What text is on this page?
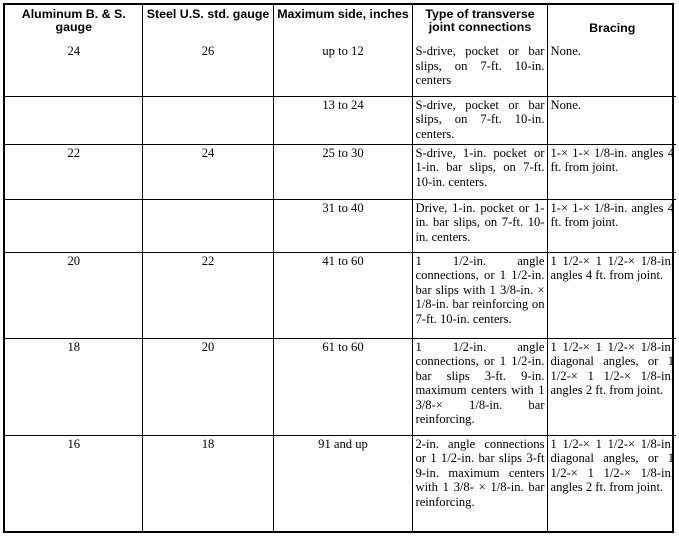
Aluminum B. & S. gauge	Steel U.S. std. gauge	Maximum side, inches	Type of transverse joint connections	Bracing
24	26	up to 12	S-drive, pocket or bar slips, on 7-ft. 10-in. centers	None.
		13 to 24	S-drive, pocket or bar slips, on 7-ft. 10-in. centers.	None.
22	24	25 to 30	S-drive, 1-in. pocket or 1-in. bar slips, on 7-ft. 10-in. centers.	1-× 1-× 1/8-in. angles 4 ft. from joint.
		31 to 40	Drive, 1-in. pocket or 1-in. bar slips, on 7-ft. 10-in. centers.	1-× 1-× 1/8-in. angles 4 ft. from joint.
20	22	41 to 60	1 1/2-in. angle connections, or 1 1/2-in. bar slips with 1 3/8-in. × 1/8-in. bar reinforcing on 7-ft. 10-in. centers.	1 1/2-× 1 1/2-× 1/8-in. angles 4 ft. from joint.
18	20	61 to 60	1 1/2-in. angle connections, or 1 1/2-in. bar slips 3-ft. 9-in. maximum centers with 1 3/8-× 1/8-in. bar reinforcing.	1 1/2-× 1 1/2-× 1/8-in. diagonal angles, or 1 1/2-× 1 1/2-× 1/8-in. angles 2 ft. from joint.
16	18	91 and up	2-in. angle connections or 1 1/2-in. bar slips 3-ft 9-in. maximum centers with 1 3/8- × 1/8-in. bar reinforcing.	1 1/2-× 1 1/2-× 1/8-in. diagonal angles, or 1 1/2-× 1 1/2-× 1/8-in. angles 2 ft. from joint.
